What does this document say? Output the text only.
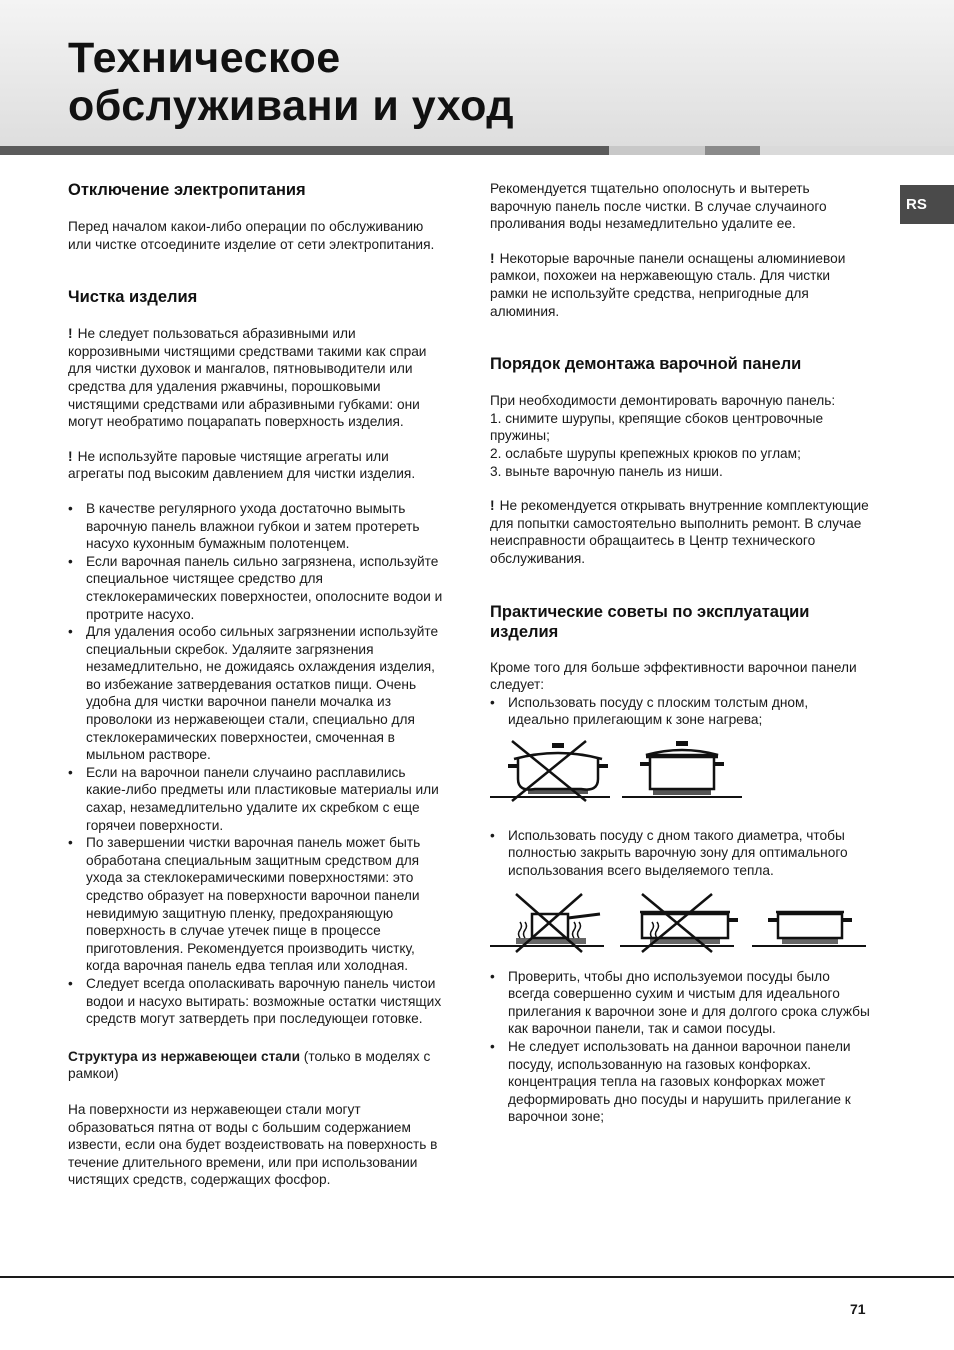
Техническое
обслуживани и уход
RS
Отключение электропитания

Перед началом какои-либо операции по обслуживанию или чистке отсоедините изделие от сети электропитания.

Чистка изделия

! Не следует пользоваться абразивными или коррозивными чистящими средствами такими как спраи для чистки духовок и мангалов, пятновыводители или средства для удаления ржавчины, порошковыми чистящими средствами или абразивными губками: они могут необратимо поцарапать поверхность изделия.

! Не используйте паровые чистящие агрегаты или агрегаты под высоким давлением для чистки изделия.

• В качестве регулярного ухода достаточно вымыть варочную панель влажнои губкои и затем протереть насухо кухонным бумажным полотенцем.
• Если варочная панель сильно загрязнена, используйте специальное чистящее средство для стеклокерамических поверхностеи, ополосните водои и протрите насухо.
• Для удаления особо сильных загрязнении используйте специальныи скребок. Удаляите загрязнения незамедлительно, не дожидаясь охлаждения изделия, во избежание затвердевания остатков пищи. Очень удобна для чистки варочнои панели мочалка из проволоки из нержавеющеи стали, специально для стеклокерамических поверхностеи, смоченная в мыльном растворе.
• Если на варочнои панели случаино расплавились какие-либо предметы или пластиковые материалы или сахар, незамедлительно удалите их скребком с еще горячеи поверхности.
• По завершении чистки варочная панель может быть обработана специальным защитным средством для ухода за стеклокерамическими поверхностями: это средство образует на поверхности варочнои панели невидимую защитную пленку, предохраняющую поверхность в случае утечек пище в процессе приготовления. Рекомендуется производить чистку, когда варочная панель едва теплая или холодная.
• Следует всегда ополаскивать варочную панель чистои водои и насухо вытирать: возможные остатки чистящих средств могут затвердеть при последующеи готовке.

Структура из нержавеющеи стали (только в моделях с рамкои)

На поверхности из нержавеющеи стали могут образоваться пятна от воды с большим содержанием извести, если она будет воздеиствовать на поверхность в течение длительного времени, или при использовании чистящих средств, содержащих фосфор.

Рекомендуется тщательно ополоснуть и вытереть варочную панель после чистки. В случае случаиного проливания воды незамедлительно удалите ее.

! Некоторые варочные панели оснащены алюминиевои рамкои, похожеи на нержавеющую сталь. Для чистки рамки не используйте средства, непригодные для алюминия.

Порядок демонтажа варочной панели

При необходимости демонтировать варочную панель:

1. снимите шурупы, крепящие сбоков центровочные пружины;

2. ослабьте шурупы крепежных крюков по углам;

3. выньте варочную панель из ниши.

! Не рекомендуется открывать внутренние комплектующие для попытки самостоятельно выполнить ремонт. В случае неисправности обращаитесь в Центр технического обслуживания.

Практические советы по эксплуатации изделия

Кроме того для больше эффективности варочнои панели следует:

• Использовать посуду с плоским толстым дном, идеально прилегающим к зоне нагрева;
• Использовать посуду с дном такого диаметра, чтобы полностью закрыть варочную зону для оптимального использования всего выделяемого тепла.
• Проверить, чтобы дно используемои посуды было всегда совершенно сухим и чистым для идеального прилегания к варочнои зоне и для долгого срока службы как варочнои панели, так и самои посуды.
• Не следует использовать на даннои варочнои панели посуду, использованную на газовых конфорках. концентрация тепла на газовых конфорках может деформировать дно посуды и нарушить прилегание к варочнои зоне;
71
